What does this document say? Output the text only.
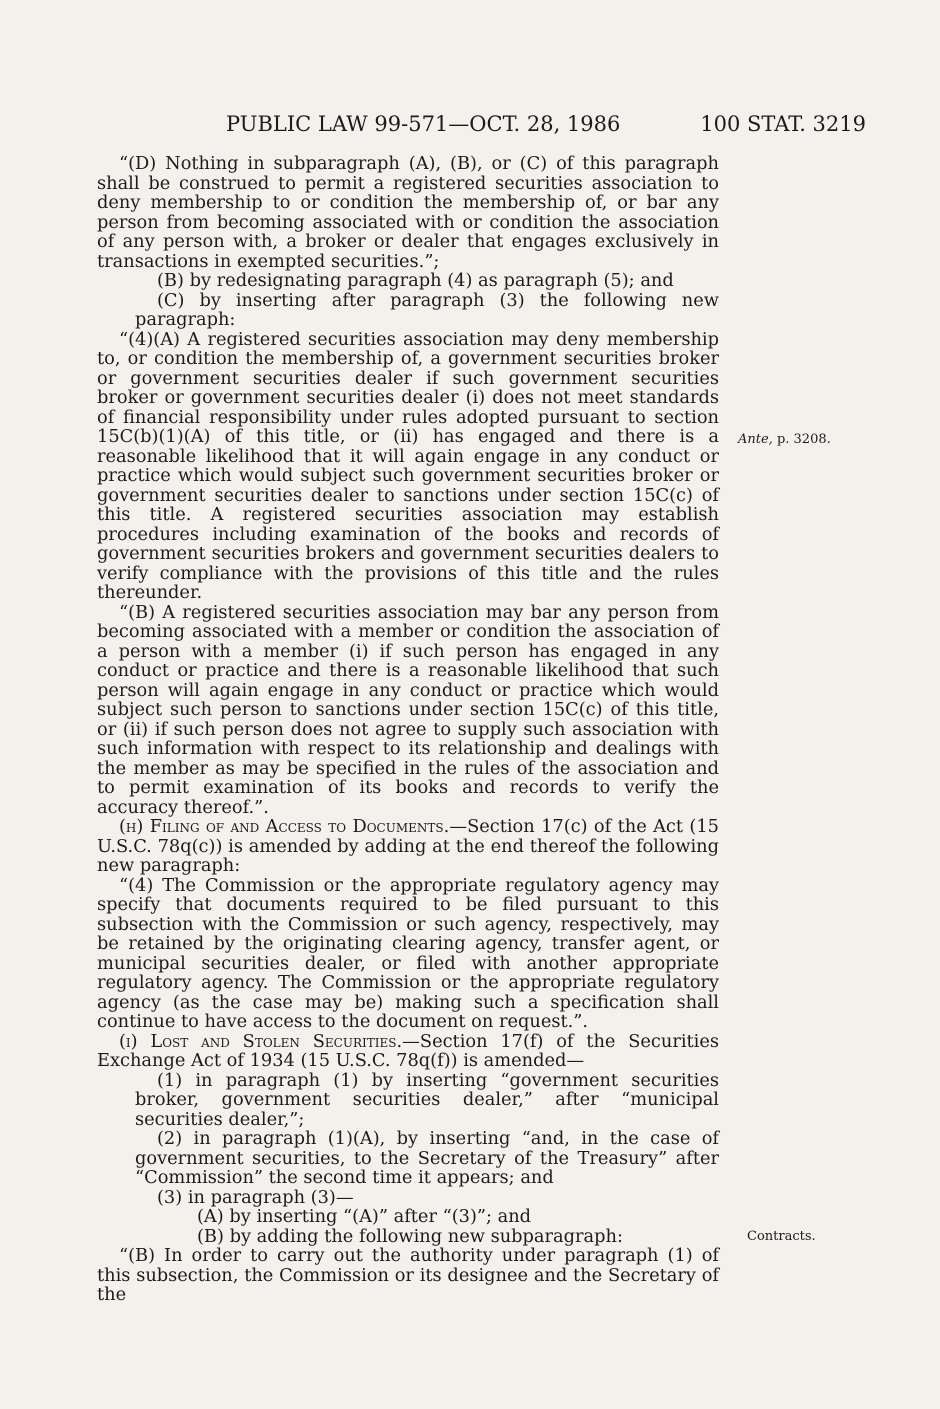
PUBLIC LAW 99-571—OCT. 28, 1986	100 STAT. 3219

“(D) Nothing in subparagraph (A), (B), or (C) of this paragraph shall be construed to permit a registered securities association to deny membership to or condition the membership of, or bar any person from becoming associated with or condition the association of any person with, a broker or dealer that engages exclusively in transactions in exempted securities.”;

(B) by redesignating paragraph (4) as paragraph (5); and

(C) by inserting after paragraph (3) the following new paragraph:

“(4)(A) A registered securities association may deny membership to, or condition the membership of, a government securities broker or government securities dealer if such government securities broker or government securities dealer (i) does not meet standards of financial responsibility under rules adopted pursuant to section 15C(b)(1)(A) of this title, or (ii) has engaged and there is a reasonable likelihood that it will again engage in any conduct or practice which would subject such government securities broker or government securities dealer to sanctions under section 15C(c) of this title. A registered securities association may establish procedures including examination of the books and records of government securities brokers and government securities dealers to verify compliance with the provisions of this title and the rules thereunder.

“(B) A registered securities association may bar any person from becoming associated with a member or condition the association of a person with a member (i) if such person has engaged in any conduct or practice and there is a reasonable likelihood that such person will again engage in any conduct or practice which would subject such person to sanctions under section 15C(c) of this title, or (ii) if such person does not agree to supply such association with such information with respect to its relationship and dealings with the member as may be specified in the rules of the association and to permit examination of its books and records to verify the accuracy thereof.”.

(h) Filing of and Access to Documents.—Section 17(c) of the Act (15 U.S.C. 78q(c)) is amended by adding at the end thereof the following new paragraph:

“(4) The Commission or the appropriate regulatory agency may specify that documents required to be filed pursuant to this subsection with the Commission or such agency, respectively, may be retained by the originating clearing agency, transfer agent, or municipal securities dealer, or filed with another appropriate regulatory agency. The Commission or the appropriate regulatory agency (as the case may be) making such a specification shall continue to have access to the document on request.”.

(i) Lost and Stolen Securities.—Section 17(f) of the Securities Exchange Act of 1934 (15 U.S.C. 78q(f)) is amended—

(1) in paragraph (1) by inserting “government securities broker, government securities dealer,” after “municipal securities dealer,”;

(2) in paragraph (1)(A), by inserting “and, in the case of government securities, to the Secretary of the Treasury” after “Commission” the second time it appears; and

(3) in paragraph (3)—

(A) by inserting “(A)” after “(3)”; and

(B) by adding the following new subparagraph:

“(B) In order to carry out the authority under paragraph (1) of this subsection, the Commission or its designee and the Secretary of the

Ante, p. 3208.
Contracts.
